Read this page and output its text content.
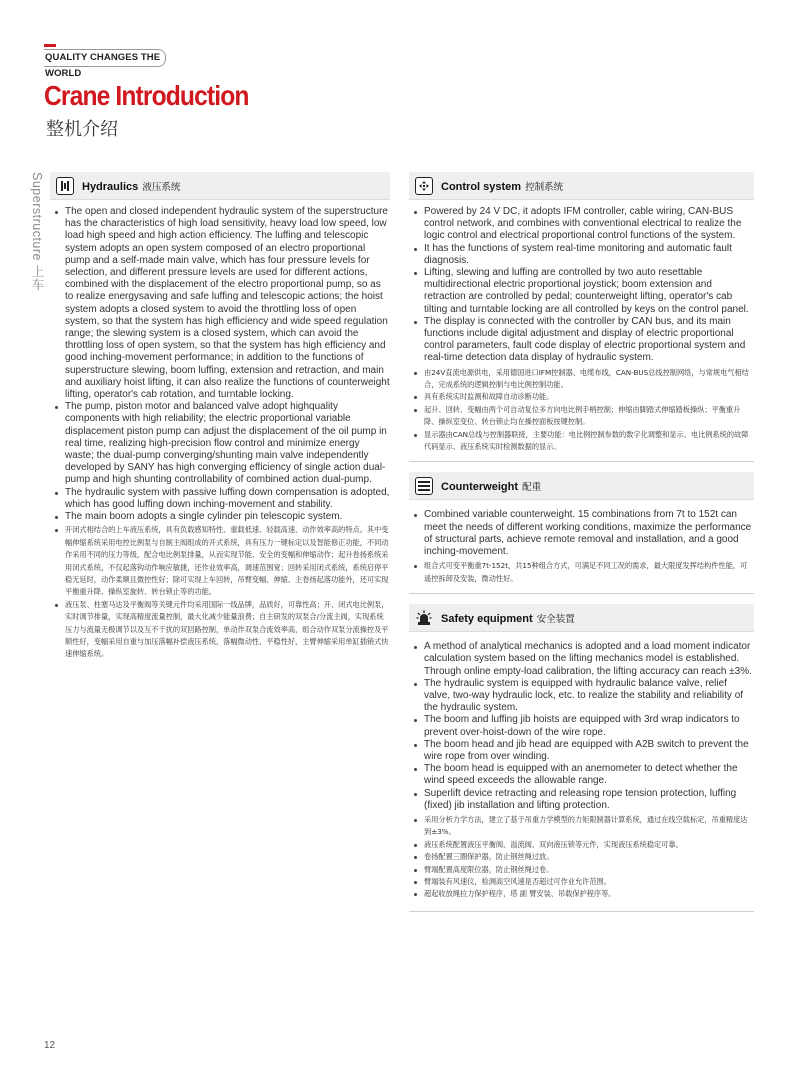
QUALITY CHANGES THE WORLD
Crane Introduction
整机介绍
Superstructure 上车	Hydraulics 液压系统
The open and closed independent hydraulic system of the superstructure has the characteristics of high load sensitivity, heavy load low speed, low load high speed and high action efficiency. The luffing and telescopic system adopts an open system composed of an electro proportional pump and a self-made main valve, which has four pressure levels for selection, and different pressure levels are used for different actions, combined with the displacement of the electro proportional pump, so as to realize energysaving and safe luffing and telescopic actions; the hoist system adopts a closed system to avoid the throttling loss of open system, so that the system has high efficiency and wide speed regulation range; the slewing system is a closed system, which can avoid the throttling loss of open system, so that the system has high efficiency and good inching-movement performance; in addition to the functions of superstructure slewing, boom luffing, extension and retraction, and main and auxiliary hoist lifting, it can also realize the functions of counterweight lifting, operator's cab rotation, and turntable locking.
The pump, piston motor and balanced valve adopt highquality components with high reliability; the electric proportional variable displacement piston pump can adjust the displacement of the oil pump in real time, realizing high-precision flow control and minimize energy waste; the dual-pump converging/shunting main valve independently developed by SANY has high converging efficiency of single action dual-pump and high shunting controllability of combined action dual-pump.
The hydraulic system with passive luffing down compensation is adopted, which has good luffing down inching-movement and stability.
The main boom adopts a single cylinder pin telescopic system.
开闭式相结合的上车液压系统，具有负载感知特性、重载低速、轻载高速、动作效率高的特点。其中变幅伸缩系统采用电控比例泵与自制主阀组成的开式系统，具有压力一键标定以及智能修正功能，不同动作采用不同的压力等级，配合电比例泵排量，从而实现节能、安全的变幅和伸缩动作；起升卷扬系统采用闭式系统，不仅起落钩动作响应敏捷，还作业效率高，调速范围宽；回转采用闭式系统，系统启停平稳无延时，动作柔顺且微控性好；除可实现上车回转，吊臂变幅、伸缩、主卷扬起落功能外，还可实现平衡重升降、操纵室旋转、转台锁止等的功能。
液压泵、柱塞马达及平衡阀等关键元件均采用国际一线品牌，品质好，可靠性高；开、闭式电比例泵，实时调节排量，实现高精度流量控制，最大化减少能量浪费；自主研发的双泵合/分流主阀，实现系统压力与流量无极调节以及互不干扰的双回路控制，单动作双泵合流效率高，组合动作双泵分流操控及平顺性好，变幅采用自重与加压落幅补偿液压系统，落幅微动性、平稳性好，主臂伸缩采用单缸插销式快速伸缩系统。
Control system 控制系统
Powered by 24 V DC, it adopts IFM controller, cable wiring, CAN-BUS control network, and combines with conventional electrical to realize the logic control and electrical proportional control functions of the system.
It has the functions of system real-time monitoring and automatic fault diagnosis.
Lifting, slewing and luffing are controlled by two auto resettable multidirectional electric proportional joystick; boom extension and retraction are controlled by pedal; counterweight lifting, operator's cab tilting and turntable locking are all controlled by keys on the control panel.
The display is connected with the controller by CAN bus, and its main functions include digital adjustment and display of electric proportional control parameters, fault code display of electric proportional system and real-time detection data display of hydraulic system.
由24V直流电源供电，采用德国进口IFM控制器、电缆布线，CAN-BUS总线控制网络，与常规电气相结合，完成系统的逻辑控制与电比例控制功能。
具有系统实时监测和故障自动诊断功能。
起升、回转、变幅由两个可自动复位多方向电比例手柄控制；伸缩由脚踏式伸缩踏板操纵；平衡重升降、操纵室变位、转台锁止均在操控面板按键控制。
显示器由CAN总线与控制器联接，主要功能：电比例控制参数的数字化调整和显示、电比例系统的故障代码显示、液压系统实时检测数据的显示。
Counterweight 配重
Combined variable counterweight. 15 combinations from 7t to 152t can meet the needs of different working conditions, maximize the performance of structural parts, achieve remote removal and installation, and a good inching-movement.
组合式可变平衡重7t-152t，共15种组合方式，可满足不同工况的需求，最大限度发挥结构件性能，可遥控拆卸及安装，微动性好。
Safety equipment 安全装置
A method of analytical mechanics is adopted and a load moment indicator calculation system based on the lifting mechanics model is established. Through online empty-load calibration, the lifting accuracy can reach ±3%.
The hydraulic system is equipped with hydraulic balance valve, relief valve, two-way hydraulic lock, etc. to realize the stability and reliability of the hydraulic system.
The boom and luffing jib hoists are equipped with 3rd wrap indicators to prevent over-hoist-down of the wire rope.
The boom head and jib head are equipped with A2B switch to prevent the wire rope from over winding.
The boom head is equipped with an anemometer to detect whether the wind speed exceeds the allowable range.
Superlift device retracting and releasing rope tension protection, luffing (fixed) jib installation and lifting protection.
采用分析力学方法，建立了基于吊重力学模型的力矩限制器计算系统，通过在线空载标定，吊重精度达到±3%。
液压系统配置液压平衡阀、溢流阀、双向液压锁等元件，实现液压系统稳定可靠。
卷扬配置三圈保护器，防止钢丝绳过放。
臂端配置高度限位器，防止钢丝绳过卷。
臂端装有风速仪，检测高空风速是否超过可作业允许范围。
超起收放绳拉力保护程序，塔 副 臂安装、吊载保护程序等。
12
